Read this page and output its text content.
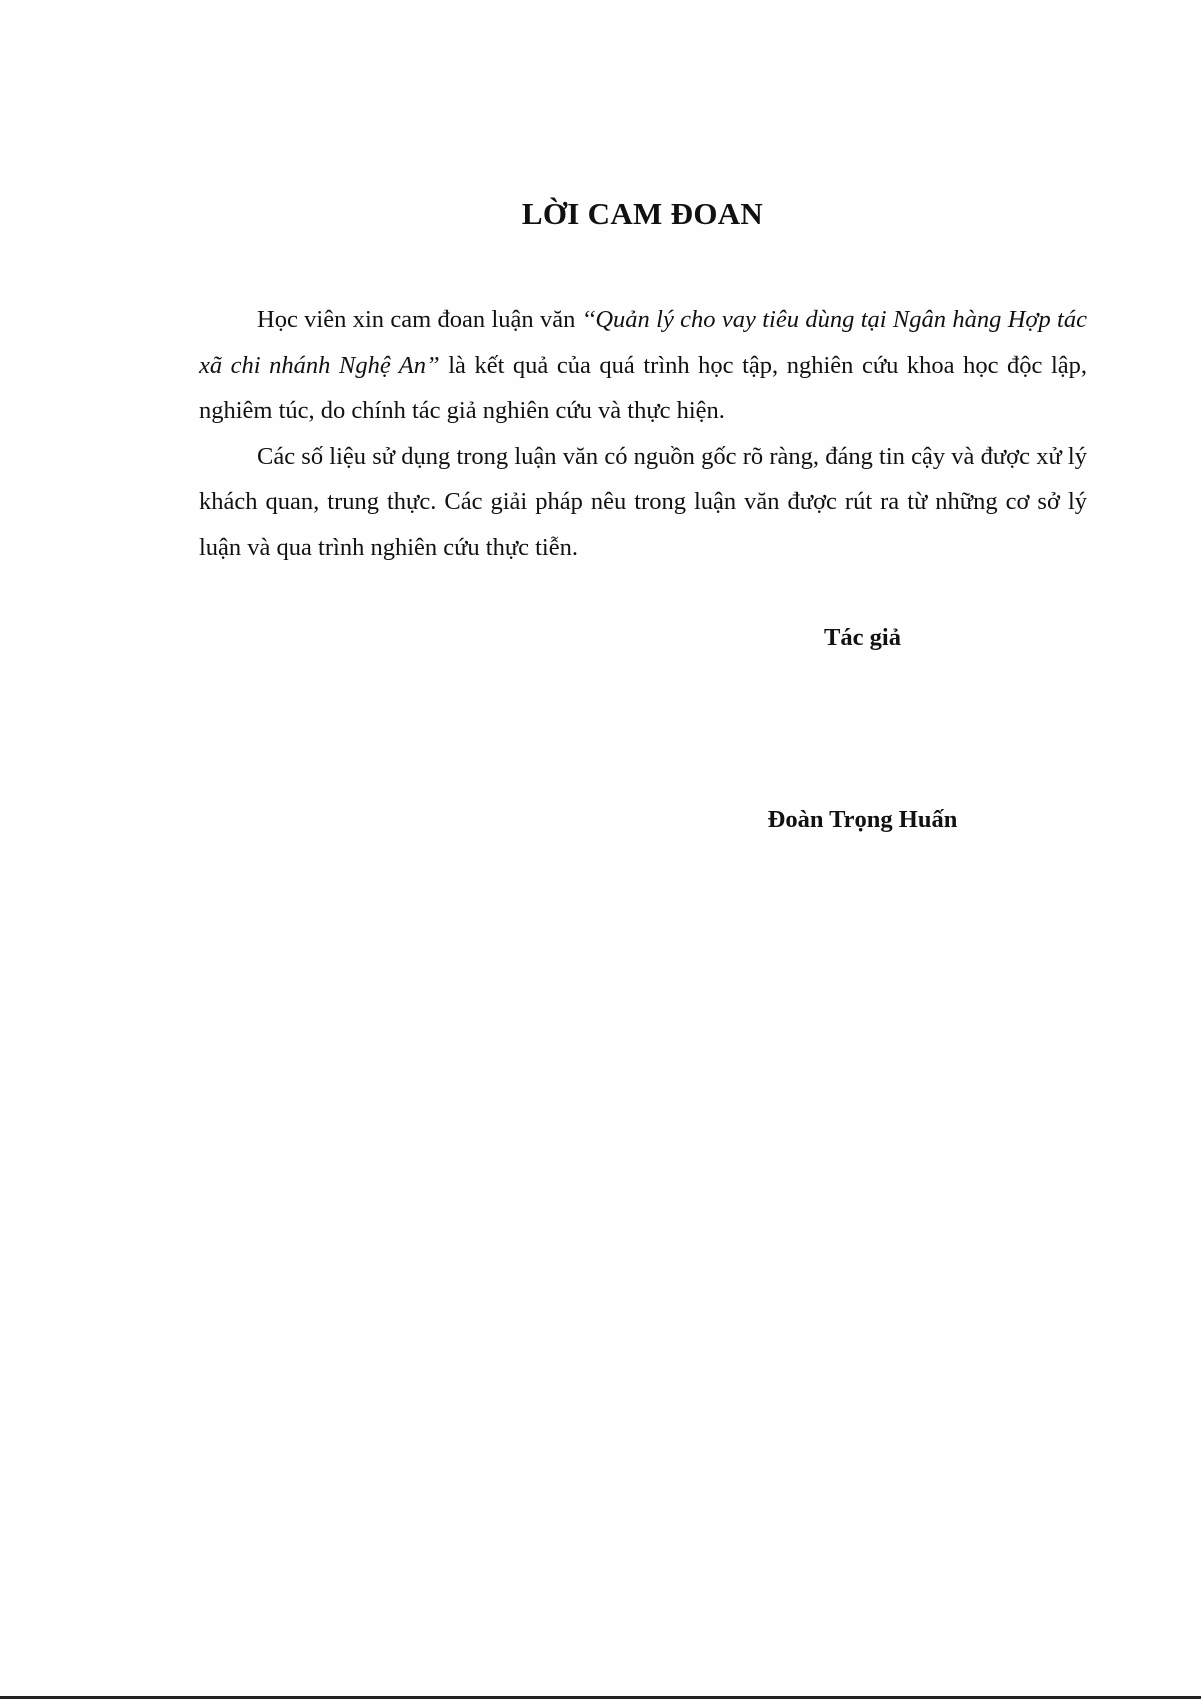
LỜI CAM ĐOAN

Học viên xin cam đoan luận văn ‘‘Quản lý cho vay tiêu dùng tại Ngân hàng Hợp tác xã chi nhánh Nghệ An” là kết quả của quá trình học tập, nghiên cứu khoa học độc lập, nghiêm túc, do chính tác giả nghiên cứu và thực hiện.

Các số liệu sử dụng trong luận văn có nguồn gốc rõ ràng, đáng tin cậy và được xử lý khách quan, trung thực. Các giải pháp nêu trong luận văn được rút ra từ những cơ sở lý luận và qua trình nghiên cứu thực tiễn.

Tác giả
Đoàn Trọng Huấn
